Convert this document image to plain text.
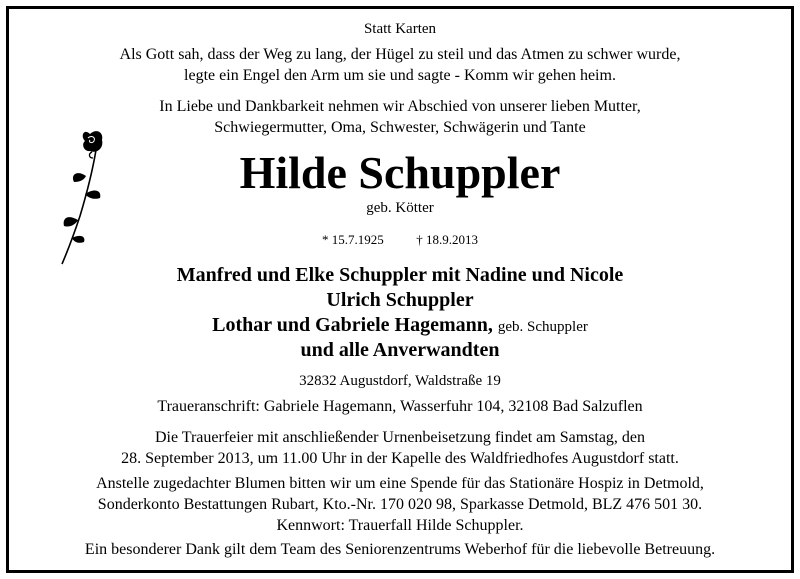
Statt Karten

Als Gott sah, dass der Weg zu lang, der Hügel zu steil und das Atmen zu schwer wurde,

legte ein Engel den Arm um sie und sagte - Komm wir gehen heim.

In Liebe und Dankbarkeit nehmen wir Abschied von unserer lieben Mutter,

Schwiegermutter, Oma, Schwester, Schwägerin und Tante

Hilde Schuppler

geb. Kötter

* 15.7.1925	† 18.9.2013

Manfred und Elke Schuppler mit Nadine und Nicole

Ulrich Schuppler

Lothar und Gabriele Hagemann, geb. Schuppler

und alle Anverwandten

32832 Augustdorf, Waldstraße 19

Traueranschrift: Gabriele Hagemann, Wasserfuhr 104, 32108 Bad Salzuflen

Die Trauerfeier mit anschließender Urnenbeisetzung findet am Samstag, den

28. September 2013, um 11.00 Uhr in der Kapelle des Waldfriedhofes Augustdorf statt.

Anstelle zugedachter Blumen bitten wir um eine Spende für das Stationäre Hospiz in Detmold,

Sonderkonto Bestattungen Rubart, Kto.-Nr. 170 020 98, Sparkasse Detmold, BLZ 476 501 30.

Kennwort: Trauerfall Hilde Schuppler.

Ein besonderer Dank gilt dem Team des Seniorenzentrums Weberhof für die liebevolle Betreuung.
